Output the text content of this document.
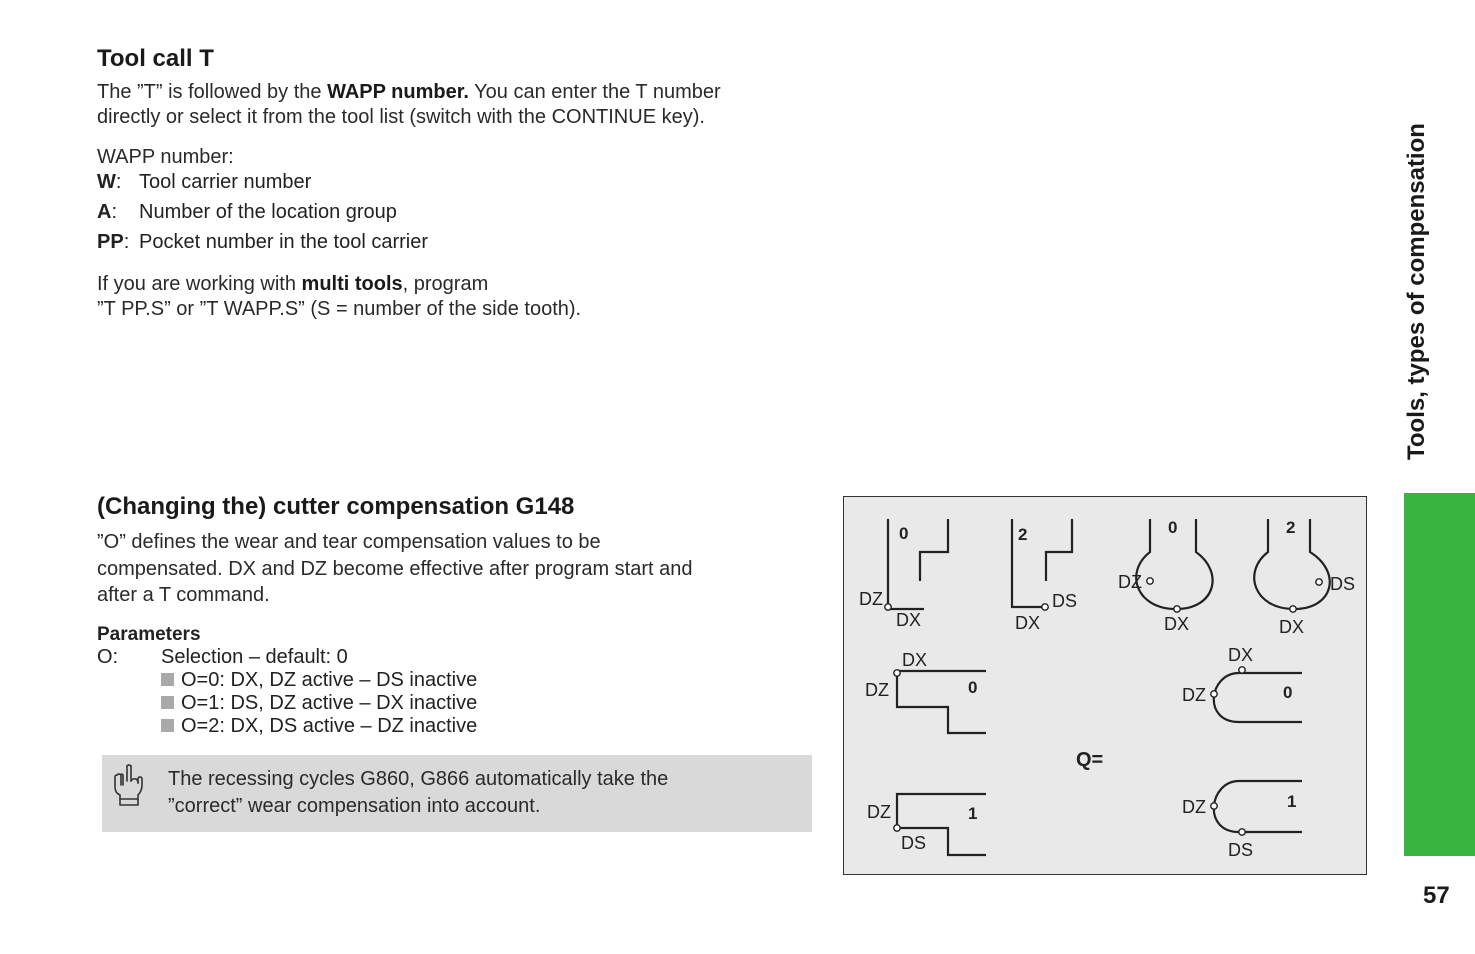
Tool call T
The ”T” is followed by the WAPP number. You can enter the T number
directly or select it from the tool list (switch with the CONTINUE key).
WAPP number:
W: Tool carrier number
A: Number of the location group
PP: Pocket number in the tool carrier
If you are working with multi tools, program
”T PP.S” or ”T WAPP.S” (S = number of the side tooth).
(Changing the) cutter compensation G148
”O” defines the wear and tear compensation values to be
compensated. DX and DZ become effective after program start and
after a T command.
Parameters
O: Selection – default: 0
O=0: DX, DZ active – DS inactive
O=1: DS, DZ active – DX inactive
O=2: DX, DS active – DZ inactive
The recessing cycles G860, G866 automatically take the
”correct” wear compensation into account.
0
DZ
DX
2
DX
DS
0
DZ
DX
2
DS
DX
0
DX
DZ	0
DX
DZ
Q=
1
DZ
DS
1
DZ
DS
Tools, types of compensation
57
